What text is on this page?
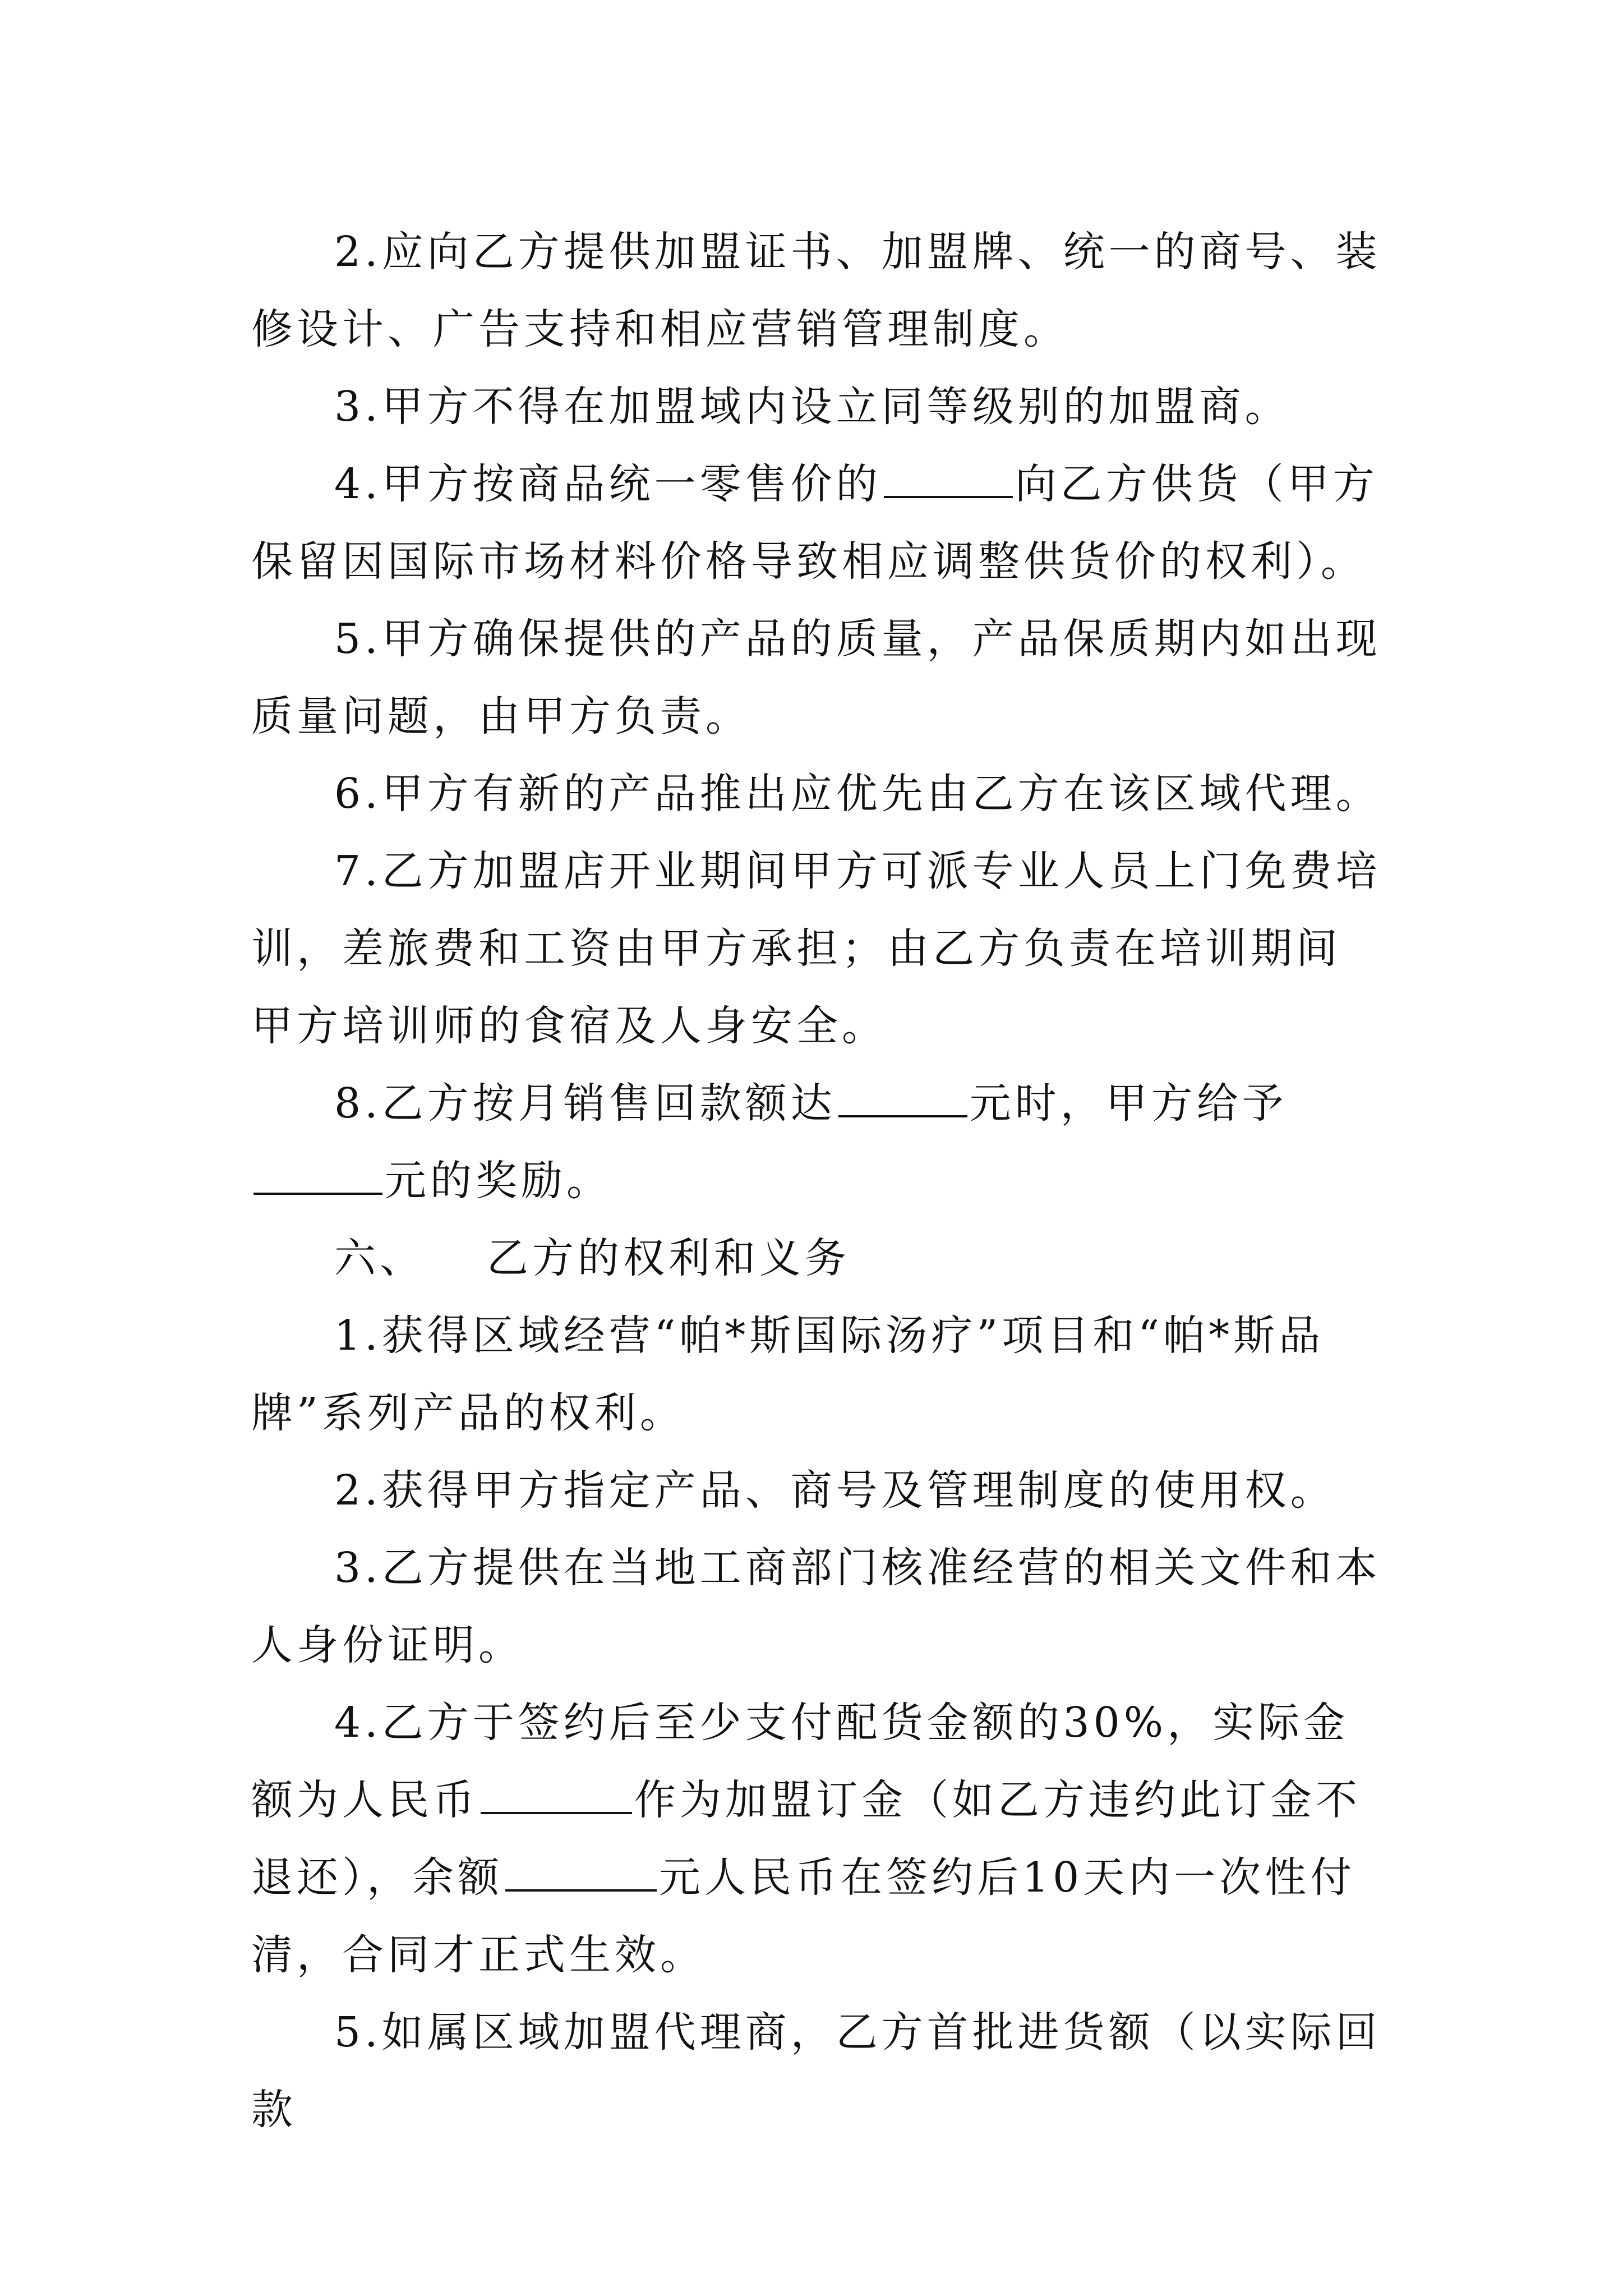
2.应向乙方提供加盟证书、加盟牌、统一的商号、装修设计、广告支持和相应营销管理制度。

3.甲方不得在加盟域内设立同等级别的加盟商。

4.甲方按商品统一零售价的	向乙方供货（甲方保留因国际市场材料价格导致相应调整供货价的权利）。

5.甲方确保提供的产品的质量，产品保质期内如出现质量问题，由甲方负责。

6.甲方有新的产品推出应优先由乙方在该区域代理。

7.乙方加盟店开业期间甲方可派专业人员上门免费培训，差旅费和工资由甲方承担；由乙方负责在培训期间甲方培训师的食宿及人身安全。

8.乙方按月销售回款额达	元时，甲方给予元的奖励。

六、 乙方的权利和义务

1.获得区域经营“帕*斯国际汤疗”项目和“帕*斯品牌”系列产品的权利。

2.获得甲方指定产品、商号及管理制度的使用权。

3.乙方提供在当地工商部门核准经营的相关文件和本人身份证明。

4.乙方于签约后至少支付配货金额的30%，实际金额为人民币	作为加盟订金（如乙方违约此订金不退还），余额	元人民币在签约后10天内一次性付清，合同才正式生效。

5.如属区域加盟代理商，乙方首批进货额（以实际回款
